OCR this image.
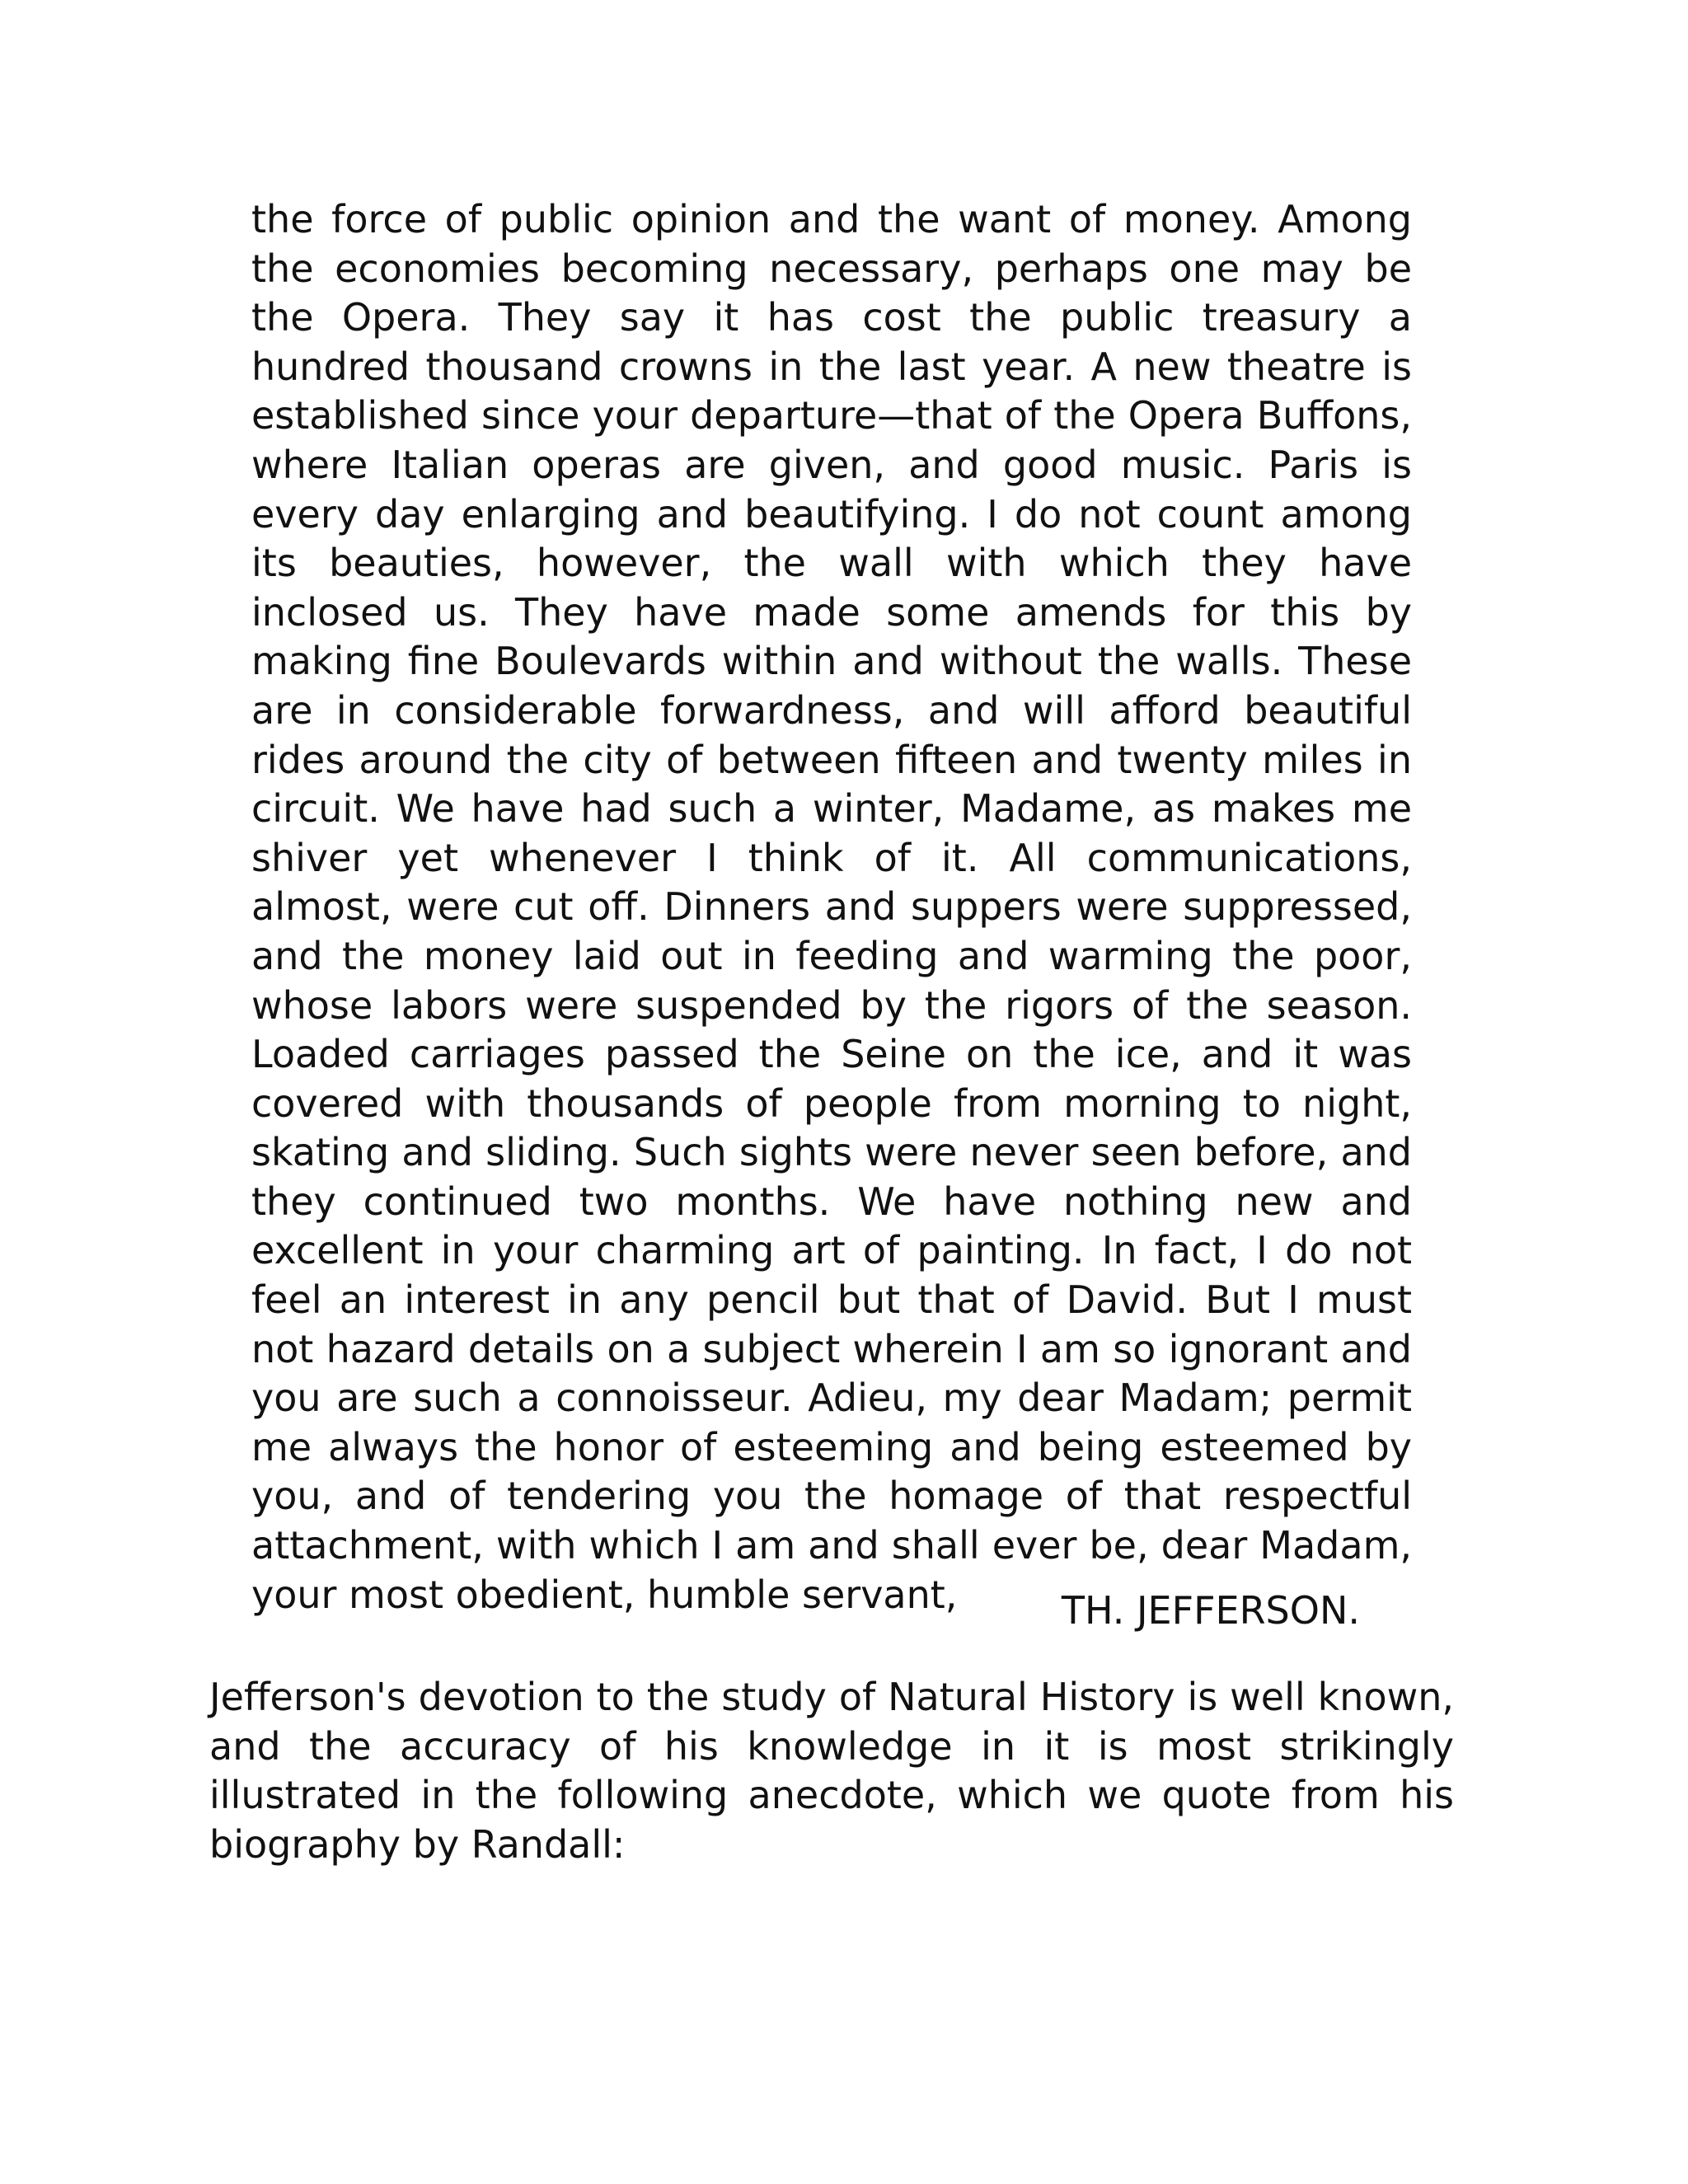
the force of public opinion and the want of money. Among the economies becoming necessary, perhaps one may be the Opera. They say it has cost the public treasury a hundred thousand crowns in the last year. A new theatre is established since your departure—that of the Opera Buffons, where Italian operas are given, and good music. Paris is every day enlarging and beautifying. I do not count among its beauties, however, the wall with which they have inclosed us. They have made some amends for this by making fine Boulevards within and without the walls. These are in considerable forwardness, and will afford beautiful rides around the city of between fifteen and twenty miles in circuit. We have had such a winter, Madame, as makes me shiver yet whenever I think of it. All communications, almost, were cut off. Dinners and suppers were suppressed, and the money laid out in feeding and warming the poor, whose labors were suspended by the rigors of the season. Loaded carriages passed the Seine on the ice, and it was covered with thousands of people from morning to night, skating and sliding. Such sights were never seen before, and they continued two months. We have nothing new and excellent in your charming art of painting. In fact, I do not feel an interest in any pencil but that of David. But I must not hazard details on a subject wherein I am so ignorant and you are such a connoisseur. Adieu, my dear Madam; permit me always the honor of esteeming and being esteemed by you, and of tendering you the homage of that respectful attachment, with which I am and shall ever be, dear Madam, your most obedient, humble servant,	TH. JEFFERSON.

Jefferson's devotion to the study of Natural History is well known, and the accuracy of his knowledge in it is most strikingly illustrated in the following anecdote, which we quote from his biography by Randall:
